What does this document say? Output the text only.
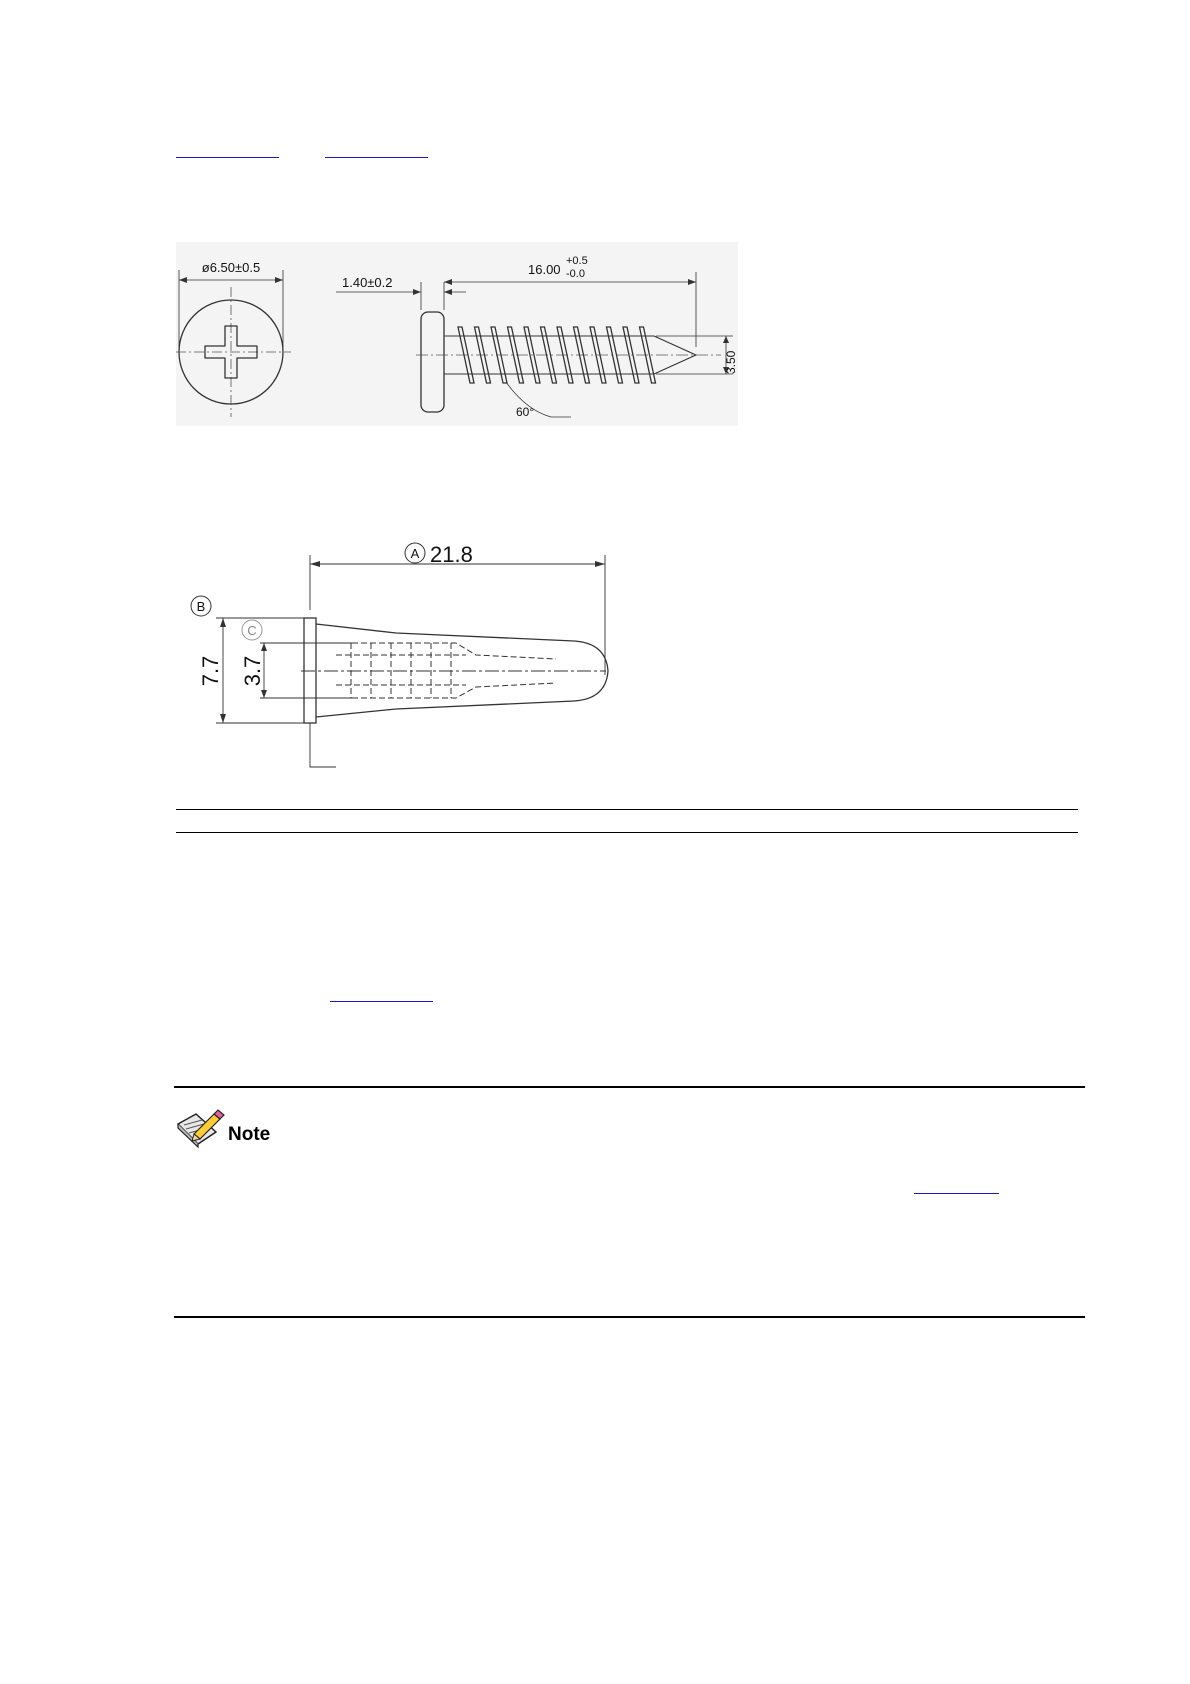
ø6.50±0.5
1.40±0.2
16.00
+0.5
-0.0
3.50
60°
A 21.8
B
C
7.7 3.7
Note
